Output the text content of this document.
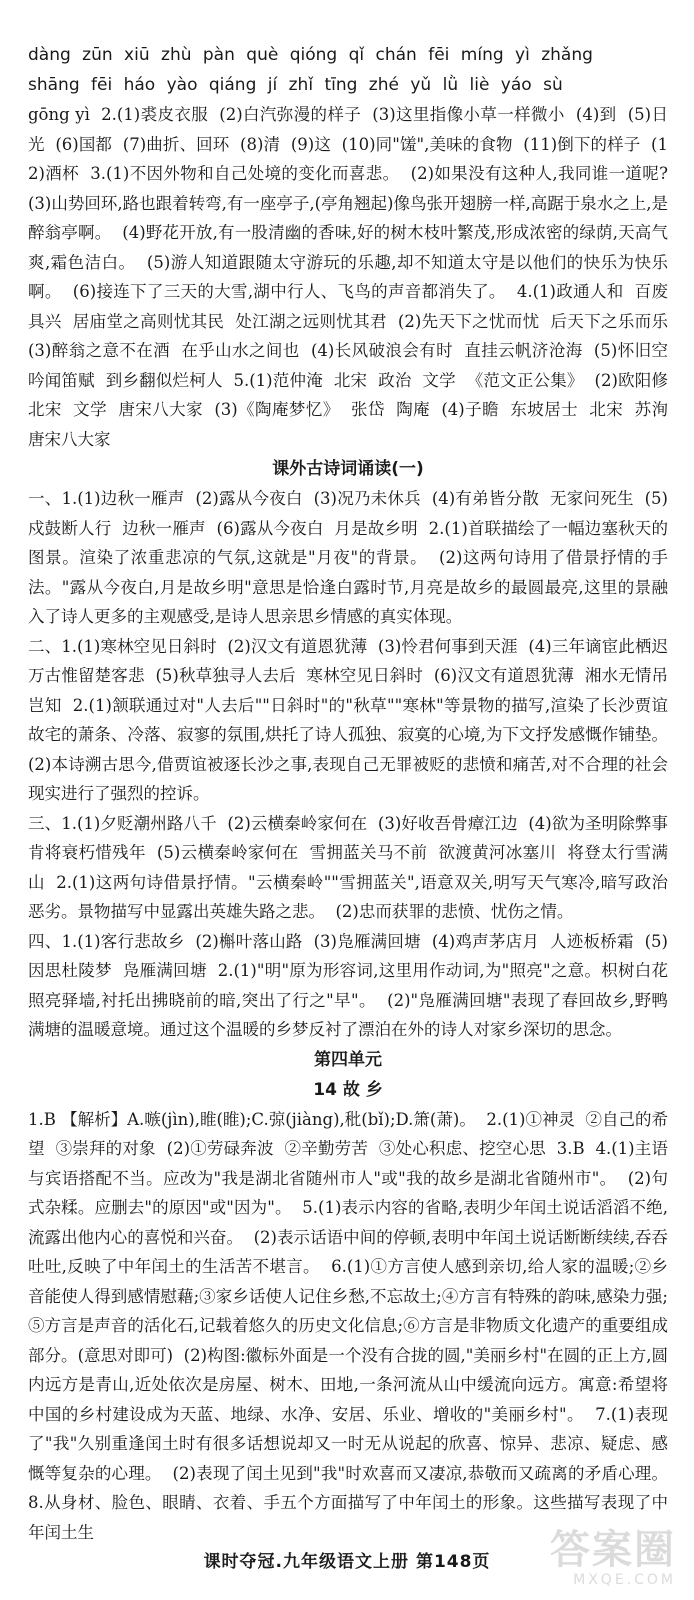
dàng zūn xiū zhù pàn què qióng qǐ chán fēi míng yì zhǎng

shāng fēi háo yào qiáng jí zhǐ tīng zhé yǔ lǜ liè yáo sù

gōng yì  2.(1)裘皮衣服  (2)白汽弥漫的样子  (3)这里指像小草一样微小  (4)到  (5)日光  (6)国都  (7)曲折、回环  (8)清  (9)这  (10)同"馐",美味的食物  (11)倒下的样子  (12)酒杯  3.(1)不因外物和自己处境的变化而喜悲。  (2)如果没有这种人,我同谁一道呢?  (3)山势回环,路也跟着转弯,有一座亭子,(亭角翘起)像鸟张开翅膀一样,高踞于泉水之上,是醉翁亭啊。  (4)野花开放,有一股清幽的香味,好的树木枝叶繁茂,形成浓密的绿荫,天高气爽,霜色洁白。  (5)游人知道跟随太守游玩的乐趣,却不知道太守是以他们的快乐为快乐啊。  (6)接连下了三天的大雪,湖中行人、飞鸟的声音都消失了。  4.(1)政通人和  百废具兴  居庙堂之高则忧其民  处江湖之远则忧其君  (2)先天下之忧而忧  后天下之乐而乐  (3)醉翁之意不在酒  在乎山水之间也  (4)长风破浪会有时  直挂云帆济沧海  (5)怀旧空吟闻笛赋  到乡翻似烂柯人  5.(1)范仲淹  北宋  政治  文学  《范文正公集》  (2)欧阳修  北宋  文学  唐宋八大家  (3)《陶庵梦忆》  张岱  陶庵  (4)子瞻  东坡居士  北宋  苏洵  唐宋八大家

课外古诗词诵读(一)

一、1.(1)边秋一雁声  (2)露从今夜白  (3)况乃未休兵  (4)有弟皆分散  无家问死生  (5)戍鼓断人行  边秋一雁声  (6)露从今夜白  月是故乡明  2.(1)首联描绘了一幅边塞秋天的图景。渲染了浓重悲凉的气氛,这就是"月夜"的背景。  (2)这两句诗用了借景抒情的手法。"露从今夜白,月是故乡明"意思是恰逢白露时节,月亮是故乡的最圆最亮,这里的景融入了诗人更多的主观感受,是诗人思亲思乡情感的真实体现。

二、1.(1)寒林空见日斜时  (2)汉文有道恩犹薄  (3)怜君何事到天涯  (4)三年谪宦此栖迟  万古惟留楚客悲  (5)秋草独寻人去后  寒林空见日斜时  (6)汉文有道恩犹薄  湘水无情吊岂知  2.(1)颔联通过对"人去后""日斜时"的"秋草""寒林"等景物的描写,渲染了长沙贾谊故宅的萧条、冷落、寂寥的氛围,烘托了诗人孤独、寂寞的心境,为下文抒发感慨作铺垫。  (2)本诗溯古思今,借贾谊被逐长沙之事,表现自己无罪被贬的悲愤和痛苦,对不合理的社会现实进行了强烈的控诉。

三、1.(1)夕贬潮州路八千  (2)云横秦岭家何在  (3)好收吾骨瘴江边  (4)欲为圣明除弊事  肯将衰朽惜残年  (5)云横秦岭家何在  雪拥蓝关马不前  欲渡黄河冰塞川  将登太行雪满山  2.(1)这两句诗借景抒情。"云横秦岭""雪拥蓝关",语意双关,明写天气寒冷,暗写政治恶劣。景物描写中显露出英雄失路之悲。  (2)忠而获罪的悲愤、忧伤之情。

四、1.(1)客行悲故乡  (2)槲叶落山路  (3)凫雁满回塘  (4)鸡声茅店月  人迹板桥霜  (5)因思杜陵梦  凫雁满回塘  2.(1)"明"原为形容词,这里用作动词,为"照亮"之意。枳树白花照亮驿墙,衬托出拂晓前的暗,突出了行之"早"。  (2)"凫雁满回塘"表现了春回故乡,野鸭满塘的温暖意境。通过这个温暖的乡梦反衬了漂泊在外的诗人对家乡深切的思念。

第四单元

14 故 乡

1.B 【解析】A.嗾(jìn),睢(睢);C.弶(jiàng),秕(bǐ);D.箫(萧)。  2.(1)①神灵  ②自己的希望  ③崇拜的对象  (2)①劳碌奔波  ②辛勤劳苦  ③处心积虑、挖空心思  3.B  4.(1)主语与宾语搭配不当。应改为"我是湖北省随州市人"或"我的故乡是湖北省随州市"。  (2)句式杂糅。应删去"的原因"或"因为"。  5.(1)表示内容的省略,表明少年闰土说话滔滔不绝,流露出他内心的喜悦和兴奋。  (2)表示话语中间的停顿,表明中年闰土说话断断续续,吞吞吐吐,反映了中年闰土的生活苦不堪言。  6.(1)①方言使人感到亲切,给人家的温暖;②乡音能使人得到感情慰藉;③家乡话使人记住乡愁,不忘故土;④方言有特殊的韵味,感染力强;⑤方言是声音的活化石,记载着悠久的历史文化信息;⑥方言是非物质文化遗产的重要组成部分。(意思对即可)  (2)构图:徽标外面是一个没有合拢的圆,"美丽乡村"在圆的正上方,圆内远方是青山,近处依次是房屋、树木、田地,一条河流从山中缓流向远方。寓意:希望将中国的乡村建设成为天蓝、地绿、水净、安居、乐业、增收的"美丽乡村"。  7.(1)表现了"我"久别重逢闰土时有很多话想说却又一时无从说起的欣喜、惊异、悲凉、疑虑、感慨等复杂的心理。  (2)表现了闰土见到"我"时欢喜而又凄凉,恭敬而又疏离的矛盾心理。  8.从身材、脸色、眼睛、衣着、手五个方面描写了中年闰土的形象。这些描写表现了中年闰土生

课时夺冠.九年级语文上册 第148页	答案圈
MXQE.COM
